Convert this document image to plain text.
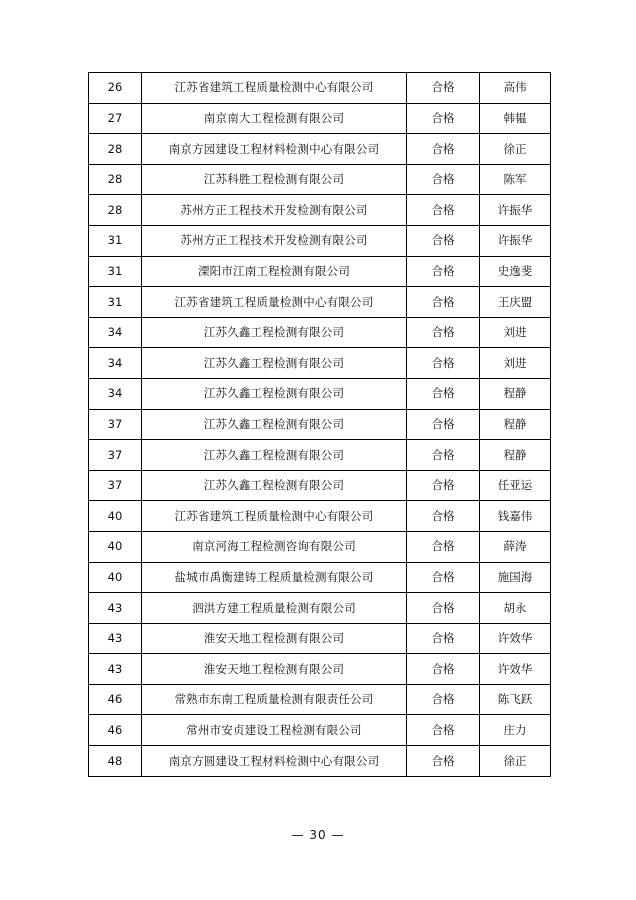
26	江苏省建筑工程质量检测中心有限公司	合格	高伟
27	南京南大工程检测有限公司	合格	韩韫
28	南京方园建设工程材料检测中心有限公司	合格	徐正
28	江苏科胜工程检测有限公司	合格	陈军
28	苏州方正工程技术开发检测有限公司	合格	许振华
31	苏州方正工程技术开发检测有限公司	合格	许振华
31	溧阳市江南工程检测有限公司	合格	史逸斐
31	江苏省建筑工程质量检测中心有限公司	合格	王庆盟
34	江苏久鑫工程检测有限公司	合格	刘进
34	江苏久鑫工程检测有限公司	合格	刘进
34	江苏久鑫工程检测有限公司	合格	程静
37	江苏久鑫工程检测有限公司	合格	程静
37	江苏久鑫工程检测有限公司	合格	程静
37	江苏久鑫工程检测有限公司	合格	任亚运
40	江苏省建筑工程质量检测中心有限公司	合格	钱嘉伟
40	南京河海工程检测咨询有限公司	合格	薛涛
40	盐城市禹衡建铸工程质量检测有限公司	合格	施国海
43	泗洪方建工程质量检测有限公司	合格	胡永
43	淮安天地工程检测有限公司	合格	许效华
43	淮安天地工程检测有限公司	合格	许效华
46	常熟市东南工程质量检测有限责任公司	合格	陈飞跃
46	常州市安贞建设工程检测有限公司	合格	庄力
48	南京方圆建设工程材料检测中心有限公司	合格	徐正
— 30 —
